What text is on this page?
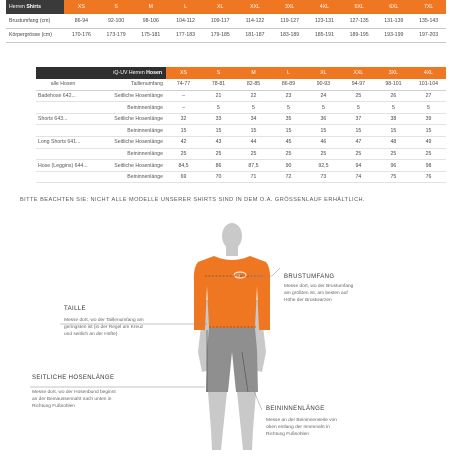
Herren Shirts	XS	S	M	L	XL	XXL	3XL	4XL	5XL	6XL	7XL
Brustumfang (cm)	86-94	92-100	98-106	104-112	109-117	114-122	119-127	123-131	127-135	131-139	135-143
Körpergrösse (cm)	170-176	173-179	175-181	177-183	179-185	181-187	183-189	185-191	189-195	193-199	197-203
iQ-UV Herren Hosen		XS	S	M	L	XL	XXL	3XL	4XL
alle Hosen	Taillenumfang	74-77	78-81	82-85	86-89	90-93	94-97	98-101	101-104
Badehose 642...	Seitliche Hosenlänge	–	21	22	23	24	25	26	27
	Beininnenlänge	–	5	5	5	5	5	5	5
Shorts 643...	Seitliche Hosenlänge	32	33	34	35	36	37	38	39
	Beininnenlänge	15	15	15	15	15	15	15	15
Long Shorts 641...	Seitliche Hosenlänge	42	43	44	45	46	47	48	49
	Beininnenlänge	25	25	25	25	25	25	25	25
Hose (Leggins) 644...	Seitliche Hosenlänge	84,5	86	87,5	90	92,5	94	96	98
	Beininnenlänge	69	70	71	72	73	74	75	76
BITTE BEACHTEN SIE: NICHT ALLE MODELLE UNSERER SHIRTS SIND IN DEM O.A. GRÖSSENLAUF ERHÄLTLICH.
iQ	BRUSTUMFANG
Messe dort, wo der Brustumfang
am größten ist, am besten auf
Höhe der Brustwarzen
TAILLE
Messe dort, wo der Taillenumfang am
geringsten ist (in der Regel am Kreuz
und seitlich an der Hüfte)
SEITLICHE HOSENLÄNGE
Messe dort, wo der Hosenbund beginnt
an der Beinaussennaht nach unten in
Richtung Fußsohlen	BEININNENLÄNGE
Messe an der Beininnenseite von
oben entlang der Innennaht in
Richtung Fußsohlen
